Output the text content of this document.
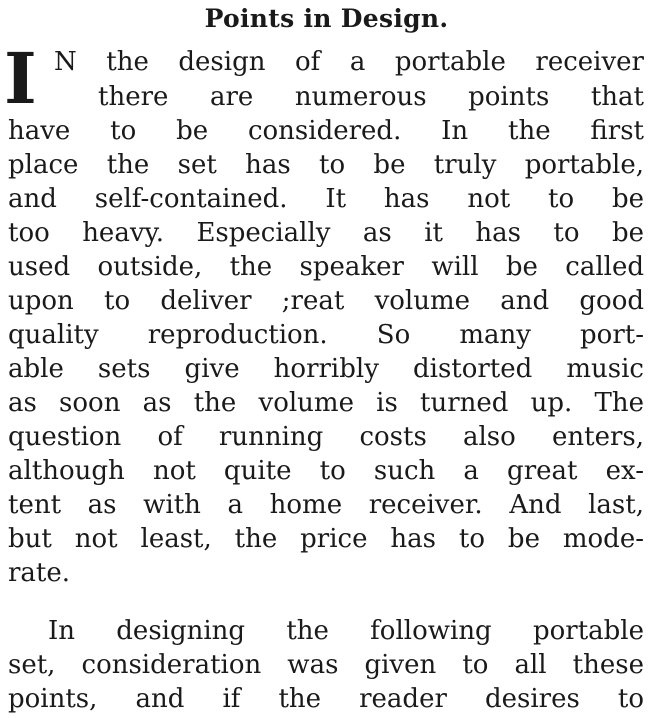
Points in Design.
I N the design of a portable receiver

there are numerous points that

have to be considered. In the first

place the set has to be truly portable,

and self-contained. It has not to be

too heavy. Especially as it has to be

used outside, the speaker will be called

upon to deliver ;reat volume and good

quality reproduction. So many port-

able sets give horribly distorted music

as soon as the volume is turned up. The

question of running costs also enters,

although not quite to such a great ex-

tent as with a home receiver. And last,

but not least, the price has to be mode-

rate.

In designing the following portable

set, consideration was given to all these

points, and if the reader desires to
